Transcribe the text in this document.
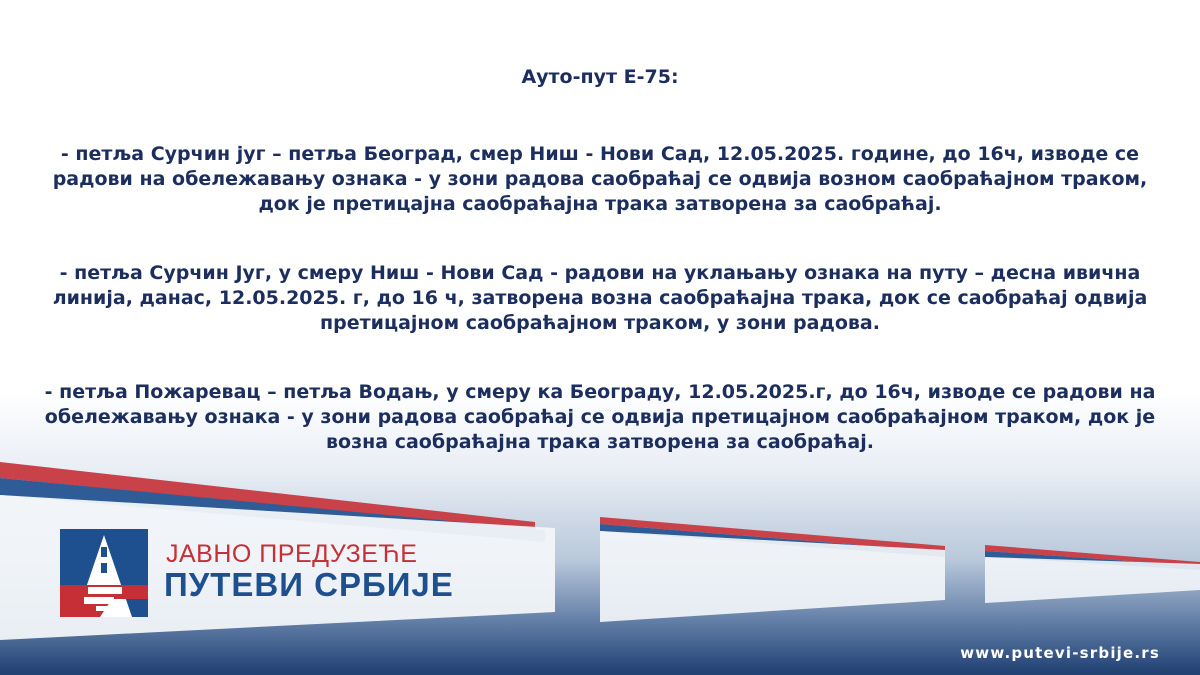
Ауто-пут Е-75:
- петља Сурчин југ – петља Београд, смер Ниш - Нови Сад, 12.05.2025. године, до 16ч, изводе се радови на обележавању ознака - у зони радова саобраћај се одвија возном саобраћајном траком, док је претицајна саобраћајна трака затворена за саобраћај.
- петља Сурчин Југ, у смеру Ниш - Нови Сад - радови на уклањању ознака на путу – десна ивична линија, данас, 12.05.2025. г, до 16 ч, затворена возна саобраћајна трака, док се саобраћај одвија претицајном саобраћајном траком, у зони радова.
- петља Пожаревац – петља Водањ, у смеру ка Београду, 12.05.2025.г, до 16ч, изводе се радови на обележавању ознака - у зони радова саобраћај се одвија претицајном саобраћајном траком, док је возна саобраћајна трака затворена за саобраћај.
ЈАВНО ПРЕДУЗЕЋЕ
ПУТЕВИ СРБИЈЕ
www.putevi-srbije.rs
